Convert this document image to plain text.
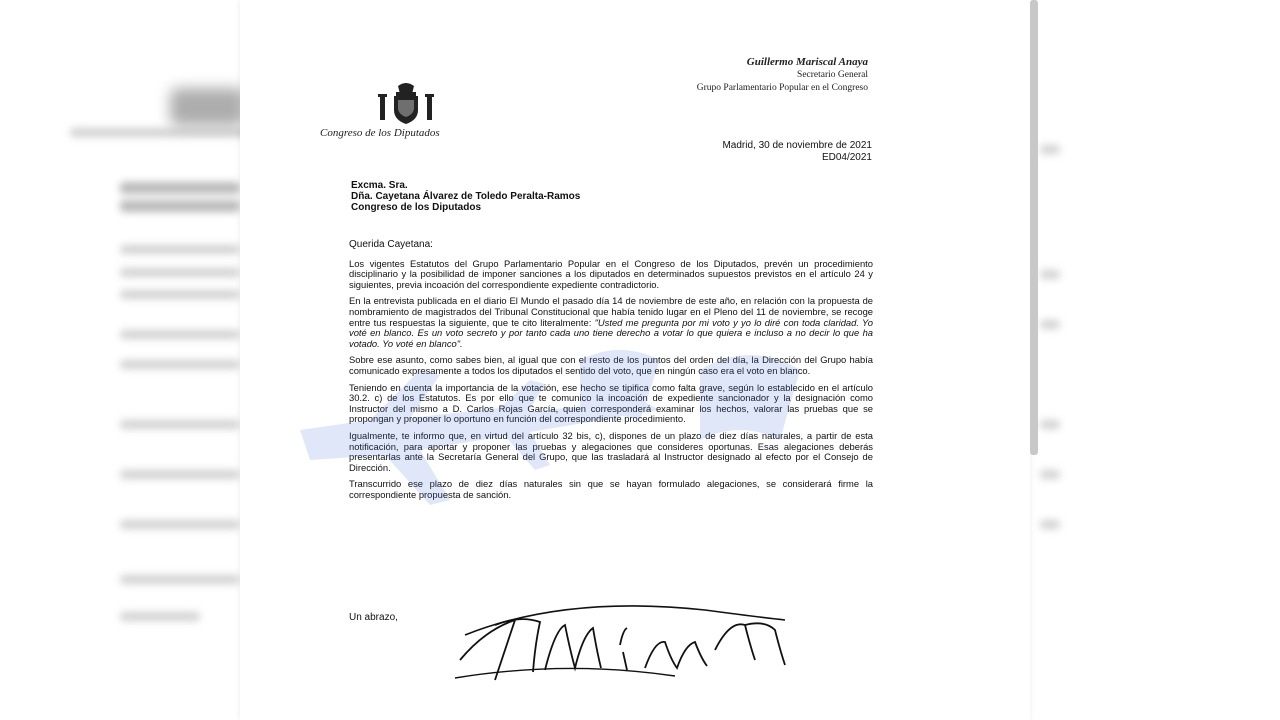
Congreso de los Diputados
Guillermo Mariscal Anaya
Secretario General
Grupo Parlamentario Popular en el Congreso
Madrid, 30 de noviembre de 2021
ED04/2021
Excma. Sra.
Dña. Cayetana Álvarez de Toledo Peralta-Ramos
Congreso de los Diputados

Querida Cayetana:

Los vigentes Estatutos del Grupo Parlamentario Popular en el Congreso de los Diputados, prevén un procedimiento disciplinario y la posibilidad de imponer sanciones a los diputados en determinados supuestos previstos en el artículo 24 y siguientes, previa incoación del correspondiente expediente contradictorio.

En la entrevista publicada en el diario El Mundo el pasado día 14 de noviembre de este año, en relación con la propuesta de nombramiento de magistrados del Tribunal Constitucional que había tenido lugar en el Pleno del 11 de noviembre, se recoge entre tus respuestas la siguiente, que te cito literalmente: "Usted me pregunta por mi voto y yo lo diré con toda claridad. Yo voté en blanco. Es un voto secreto y por tanto cada uno tiene derecho a votar lo que quiera e incluso a no decir lo que ha votado. Yo voté en blanco".

Sobre ese asunto, como sabes bien, al igual que con el resto de los puntos del orden del día, la Dirección del Grupo había comunicado expresamente a todos los diputados el sentido del voto, que en ningún caso era el voto en blanco.

Teniendo en cuenta la importancia de la votación, ese hecho se tipifica como falta grave, según lo establecido en el artículo 30.2. c) de los Estatutos. Es por ello que te comunico la incoación de expediente sancionador y la designación como Instructor del mismo a D. Carlos Rojas García, quien corresponderá examinar los hechos, valorar las pruebas que se propongan y proponer lo oportuno en función del correspondiente procedimiento.

Igualmente, te informo que, en virtud del artículo 32 bis, c), dispones de un plazo de diez días naturales, a partir de esta notificación, para aportar y proponer las pruebas y alegaciones que consideres oportunas. Esas alegaciones deberás presentarlas ante la Secretaría General del Grupo, que las trasladará al Instructor designado al efecto por el Consejo de Dirección.

Transcurrido ese plazo de diez días naturales sin que se hayan formulado alegaciones, se considerará firme la correspondiente propuesta de sanción.

Un abrazo,
